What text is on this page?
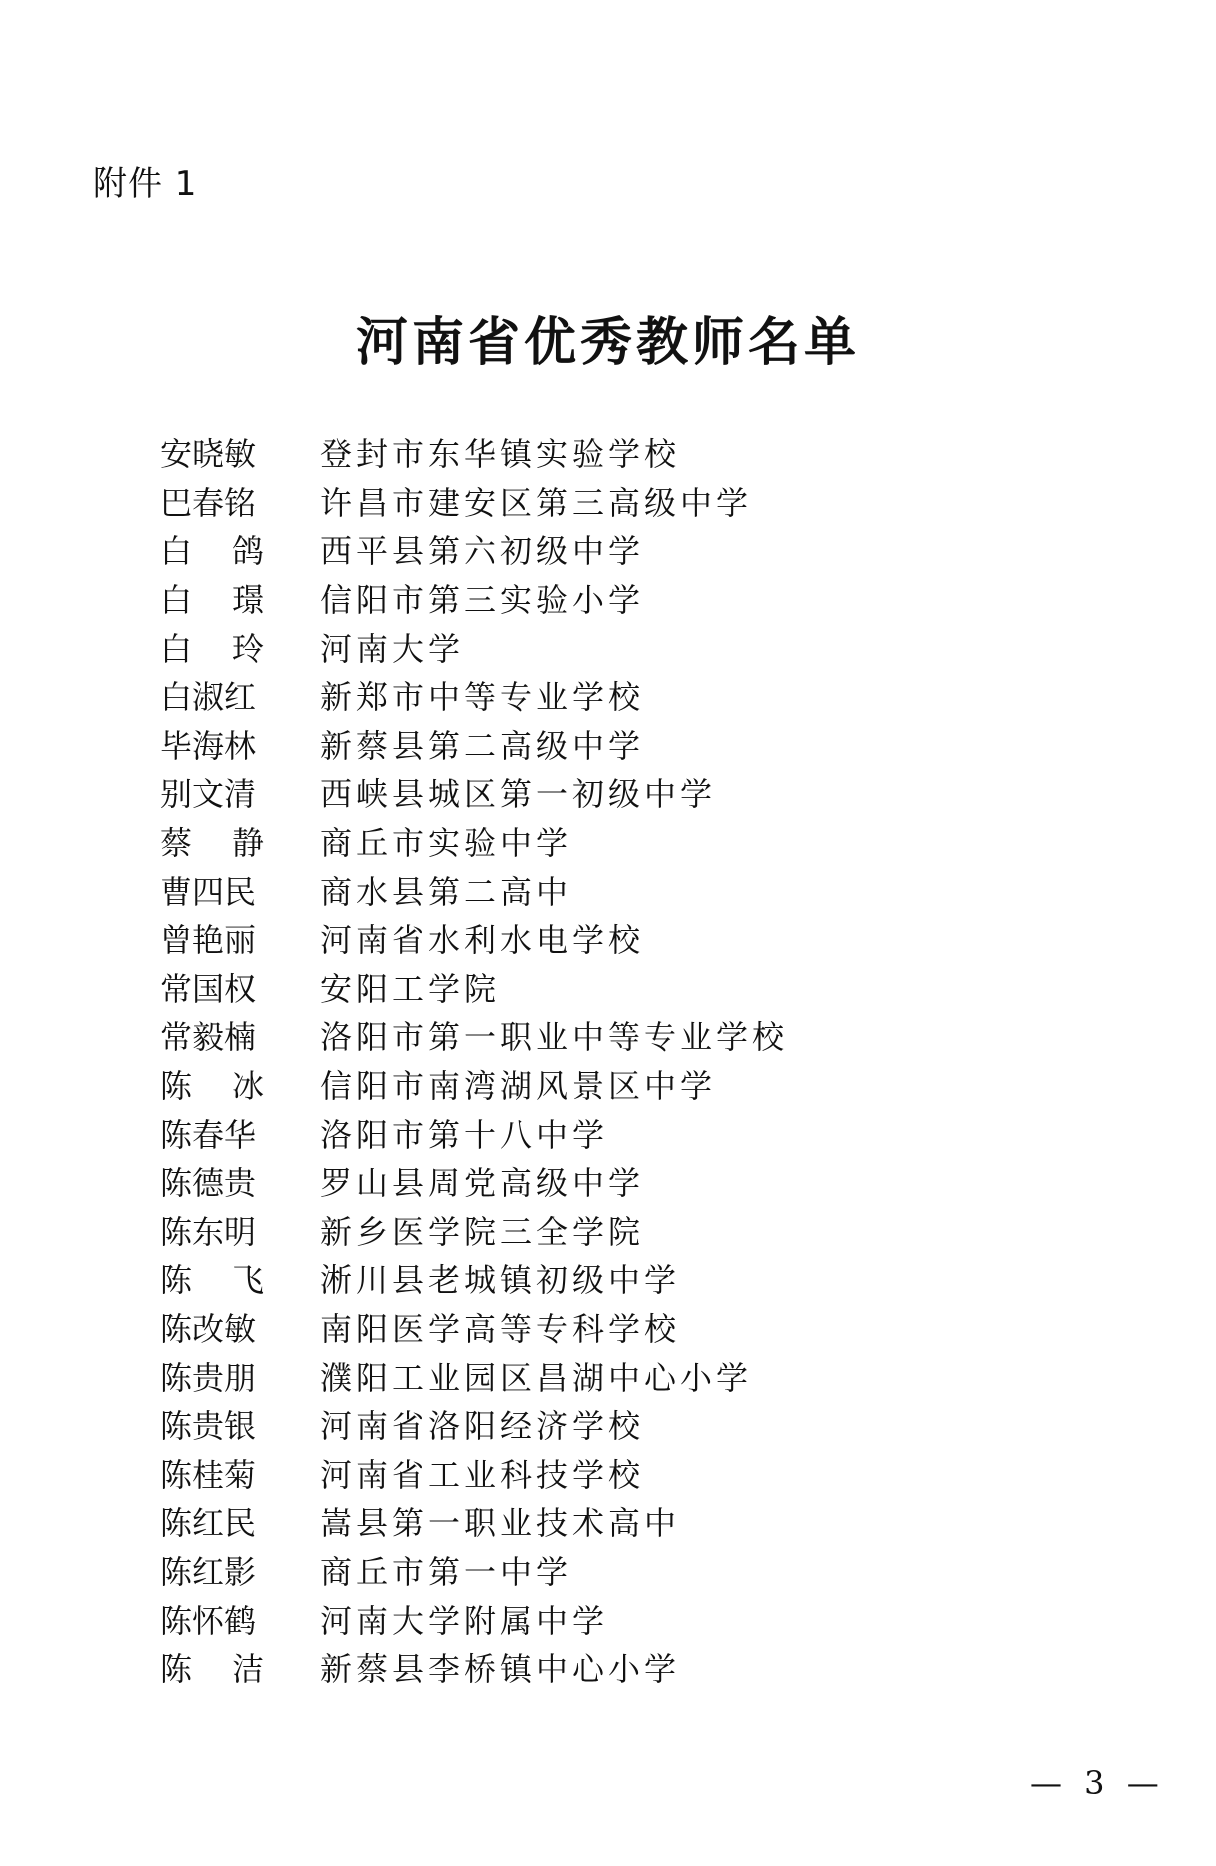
附件 1
河南省优秀教师名单
安 晓 敏 登封市东华镇实验学校
巴 春 铭 许昌市建安区第三高级中学
白 鸽 西平县第六初级中学
白 璟 信阳市第三实验小学
白 玲 河南大学
白 淑 红 新郑市中等专业学校
毕 海 林 新蔡县第二高级中学
别 文 清 西峡县城区第一初级中学
蔡 静 商丘市实验中学
曹 四 民 商水县第二高中
曾 艳 丽 河南省水利水电学校
常 国 权 安阳工学院
常 毅 楠 洛阳市第一职业中等专业学校
陈 冰 信阳市南湾湖风景区中学
陈 春 华 洛阳市第十八中学
陈 德 贵 罗山县周党高级中学
陈 东 明 新乡医学院三全学院
陈 飞 淅川县老城镇初级中学
陈 改 敏 南阳医学高等专科学校
陈 贵 朋 濮阳工业园区昌湖中心小学
陈 贵 银 河南省洛阳经济学校
陈 桂 菊 河南省工业科技学校
陈 红 民 嵩县第一职业技术高中
陈 红 影 商丘市第一中学
陈 怀 鹤 河南大学附属中学
陈 洁 新蔡县李桥镇中心小学
— 3 —
